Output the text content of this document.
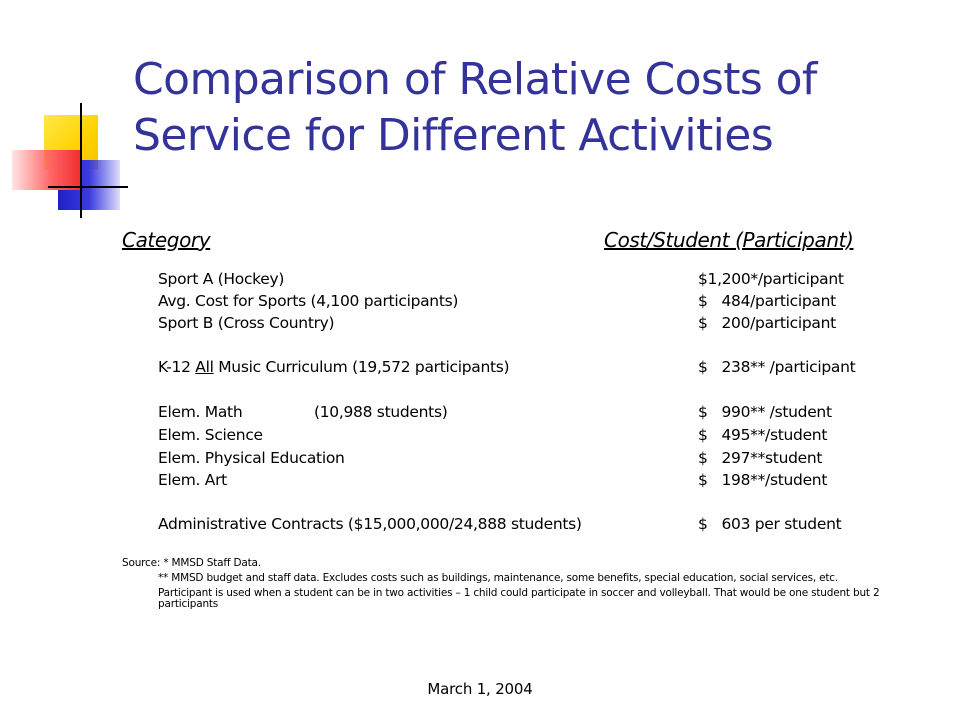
Comparison of Relative Costs of
Service for Different Activities
Category	Cost/Student (Participant)
Sport A (Hockey)	$1,200*/participant
Avg. Cost for Sports (4,100 participants)	$   484/participant
Sport B (Cross Country)	$   200/participant
K-12 All Music Curriculum (19,572 participants)	$   238** /participant
Elem. Math	(10,988 students)	$   990** /student
Elem. Science	$   495**/student
Elem. Physical Education	$   297**student
Elem. Art	$   198**/student
Administrative Contracts ($15,000,000/24,888 students)	$   603 per student
Source: * MMSD Staff Data.
** MMSD budget and staff data. Excludes costs such as buildings, maintenance, some benefits, special education, social services, etc.
Participant is used when a student can be in two activities – 1 child could participate in soccer and volleyball. That would be one student but 2
participants
March 1, 2004
